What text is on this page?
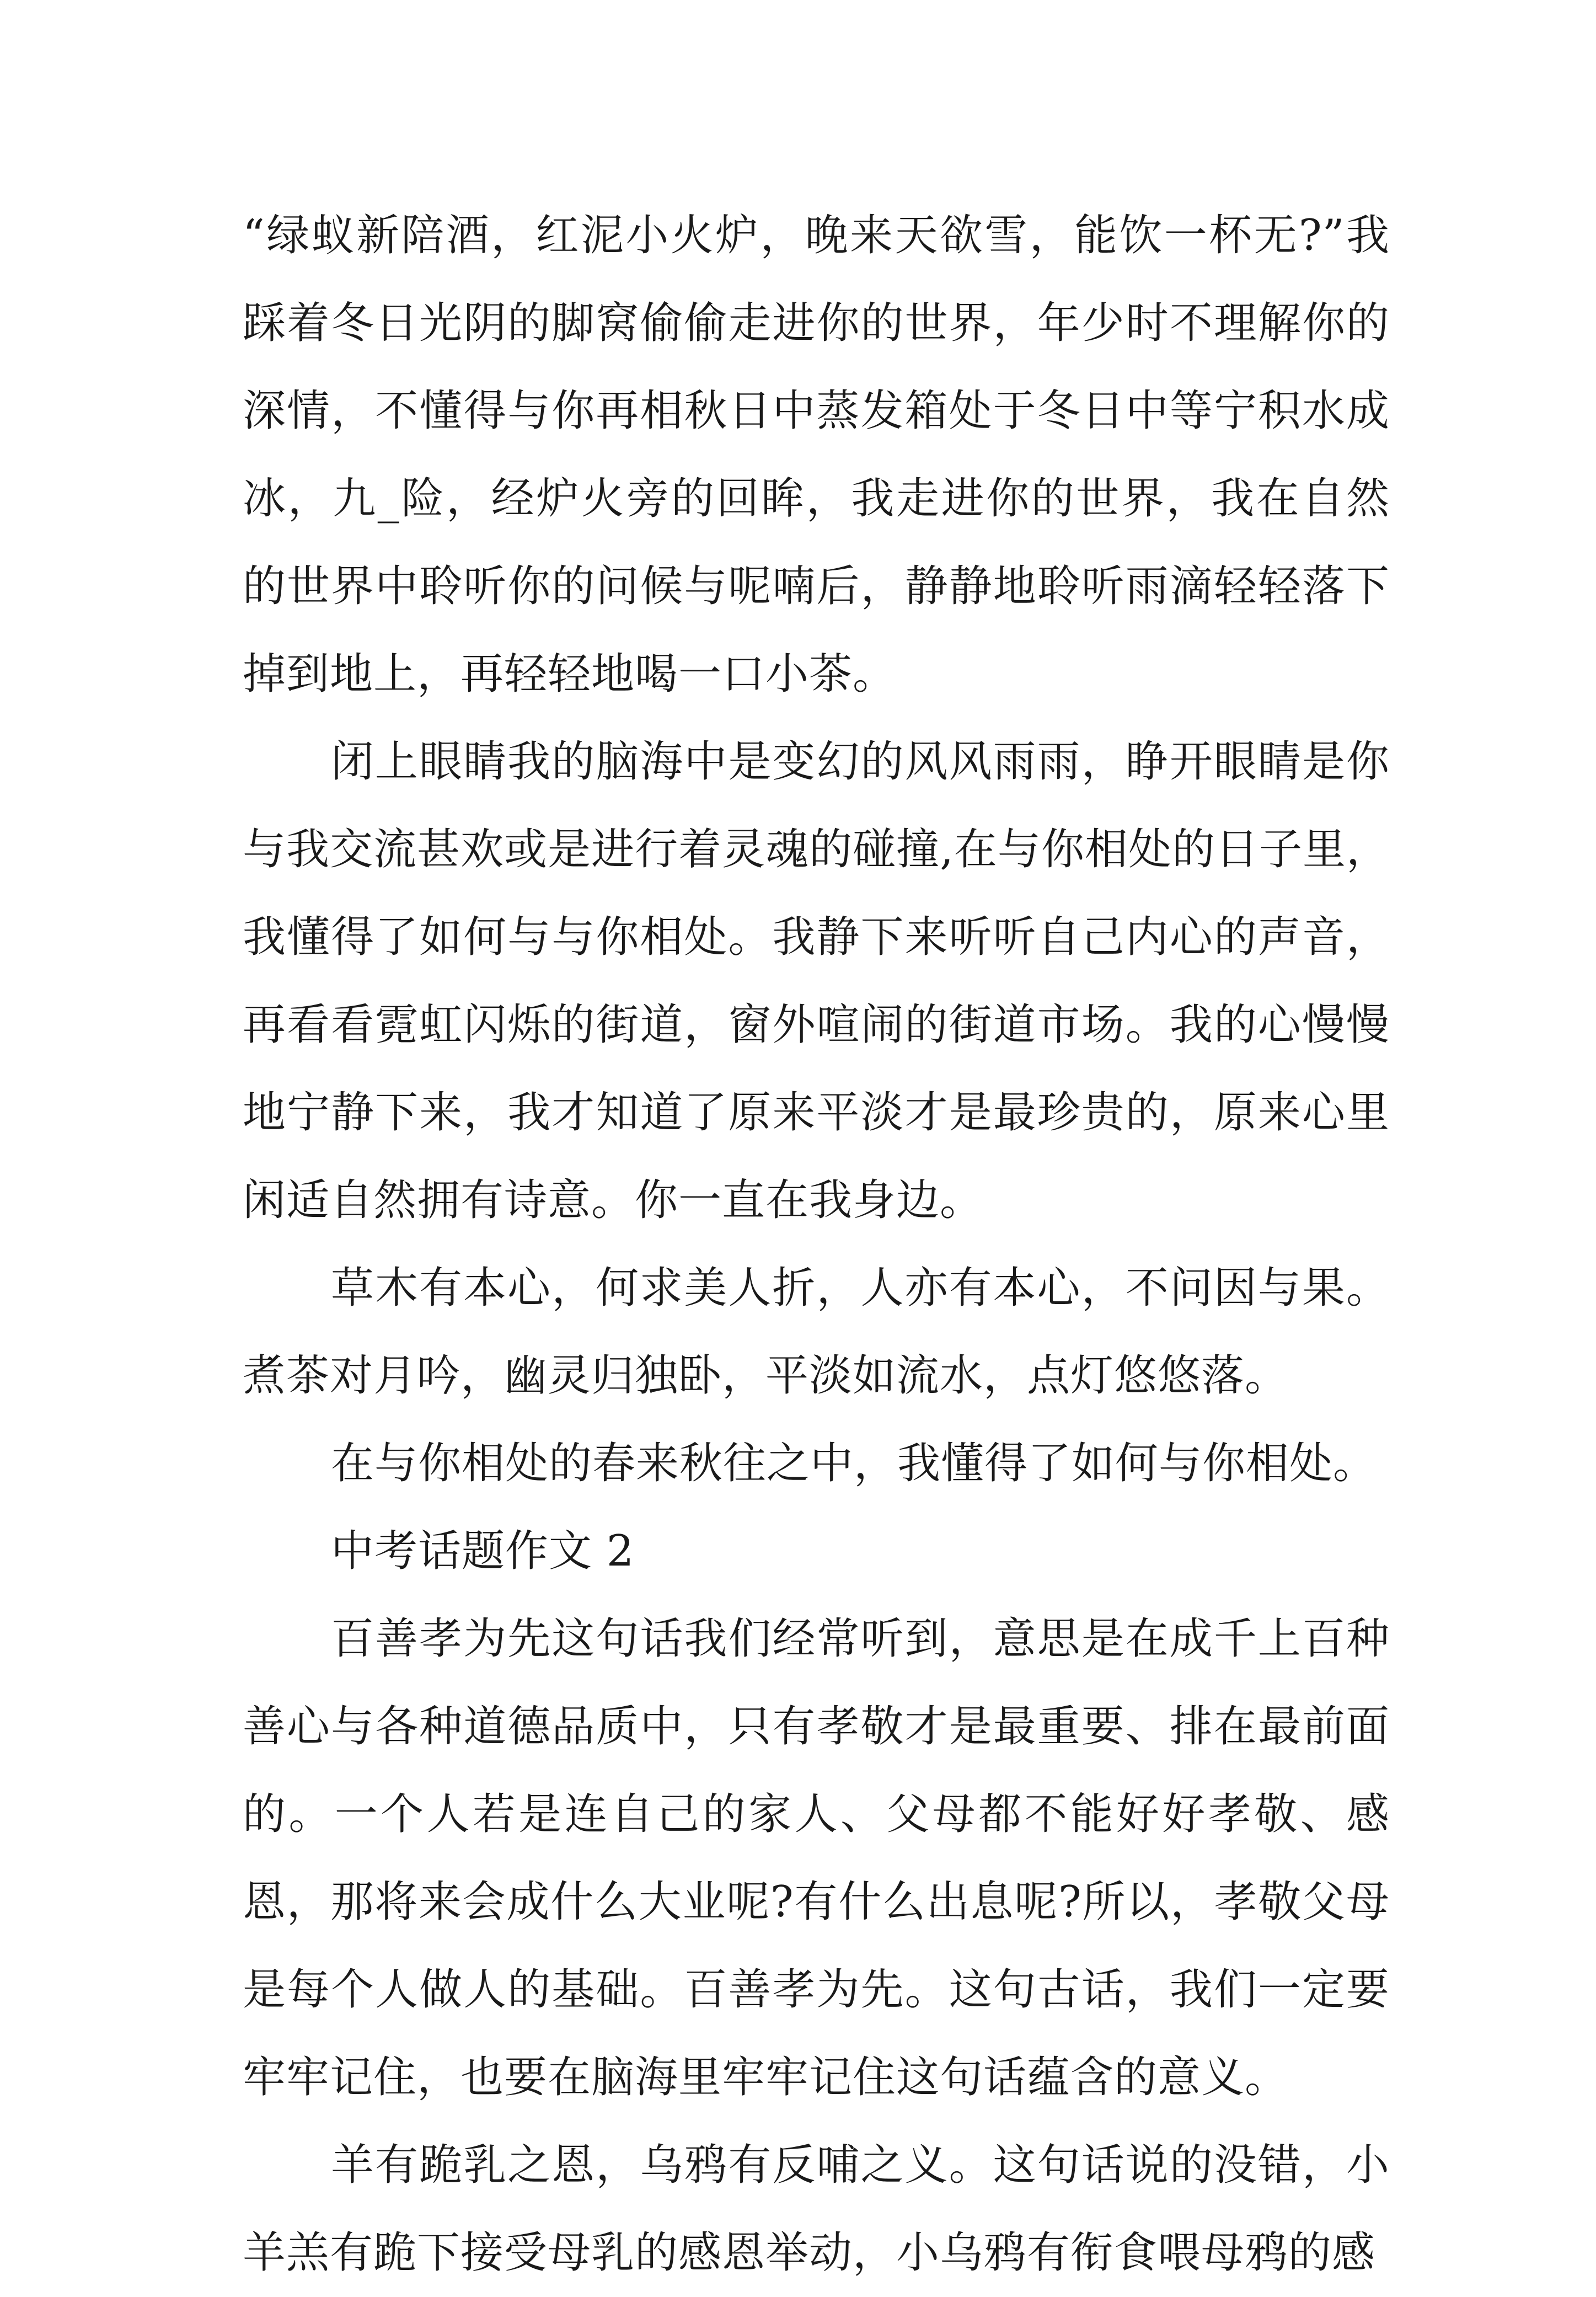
“绿蚁新陪酒，红泥小火炉，晚来天欲雪，能饮一杯无?”我踩着冬日光阴的脚窝偷偷走进你的世界，年少时不理解你的深情，不懂得与你再相秋日中蒸发箱处于冬日中等宁积水成冰，九_险，经炉火旁的回眸，我走进你的世界，我在自然的世界中聆听你的问候与呢喃后，静静地聆听雨滴轻轻落下掉到地上，再轻轻地喝一口小茶。

闭上眼睛我的脑海中是变幻的风风雨雨，睁开眼睛是你与我交流甚欢或是进行着灵魂的碰撞,在与你相处的日子里，我懂得了如何与与你相处。我静下来听听自己内心的声音，再看看霓虹闪烁的街道，窗外喧闹的街道市场。我的心慢慢地宁静下来，我才知道了原来平淡才是最珍贵的，原来心里闲适自然拥有诗意。你一直在我身边。

草木有本心，何求美人折，人亦有本心，不问因与果。煮茶对月吟，幽灵归独卧，平淡如流水，点灯悠悠落。

在与你相处的春来秋往之中，我懂得了如何与你相处。

中考话题作文 2

百善孝为先这句话我们经常听到，意思是在成千上百种善心与各种道德品质中，只有孝敬才是最重要、排在最前面的。一个人若是连自己的家人、父母都不能好好孝敬、感恩，那将来会成什么大业呢?有什么出息呢?所以，孝敬父母是每个人做人的基础。百善孝为先。这句古话，我们一定要牢牢记住，也要在脑海里牢牢记住这句话蕴含的意义。

羊有跪乳之恩，乌鸦有反哺之义。这句话说的没错，小羊羔有跪下接受母乳的感恩举动，小乌鸦有衔食喂母鸦的感
